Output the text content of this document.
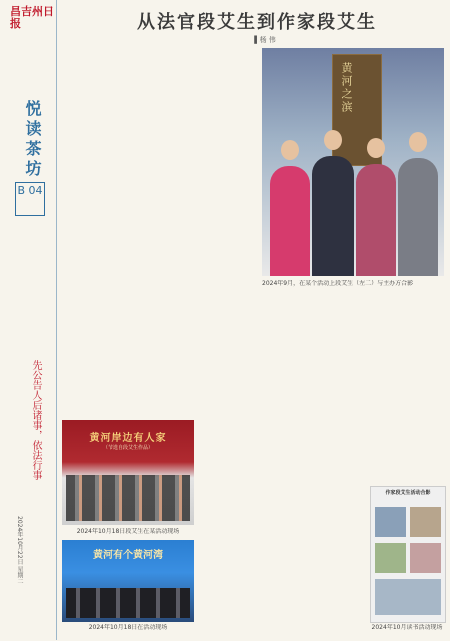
昌吉州日报
悦读茶坊
B 04
先公告人后诸事，依法行事
2024年10月22日 星期二
从法官段艾生到作家段艾生
▌杨 伟
黄河之滨
2024年9月，在某个活动上段艾生（左二）与主办方合影
黄河岸边有人家
（节选自段艾生作品）
2024年10月18日段艾生在某活动现场
黄河有个黄河湾
2024年10月18日在活动现场
作家段艾生活动合影
2024年10月读书活动现场
